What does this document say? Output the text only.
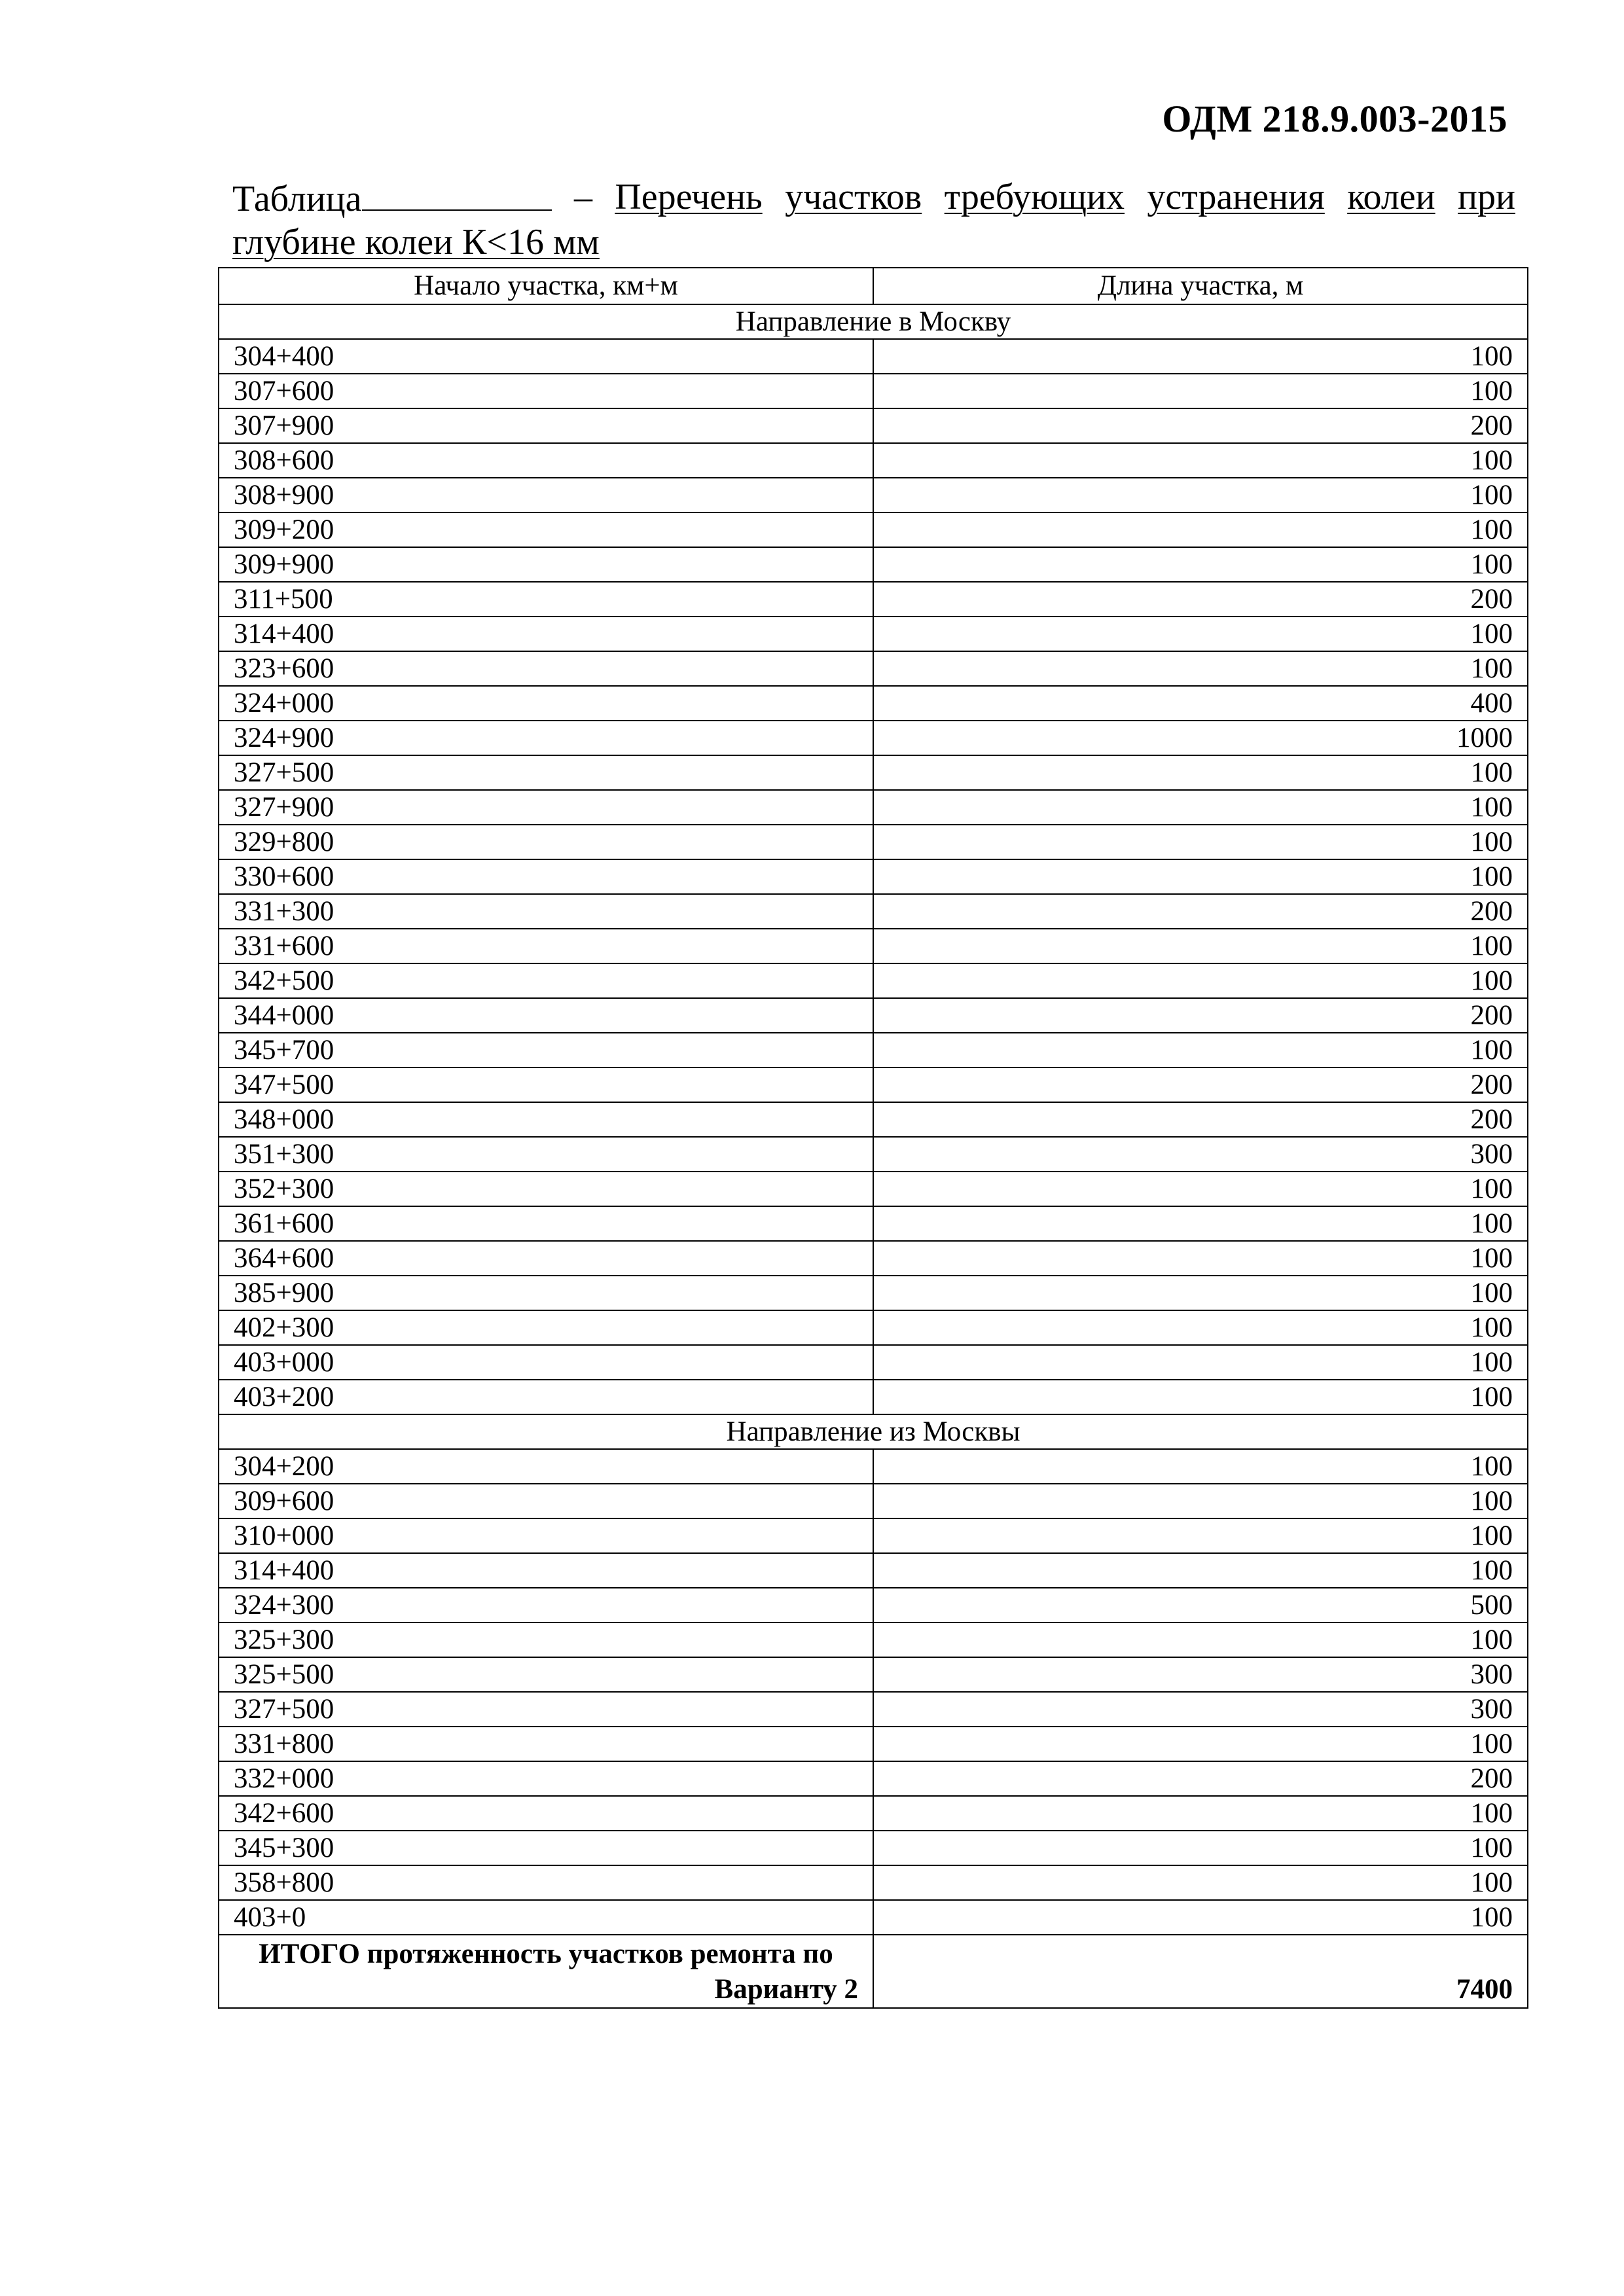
ОДМ 218.9.003-2015
Таблица	– Перечень участков требующих устранения колеи при
глубине колеи К<16 мм
Начало участка, км+м	Длина участка, м
Направление в Москву	
304+400	100
307+600	100
307+900	200
308+600	100
308+900	100
309+200	100
309+900	100
311+500	200
314+400	100
323+600	100
324+000	400
324+900	1000
327+500	100
327+900	100
329+800	100
330+600	100
331+300	200
331+600	100
342+500	100
344+000	200
345+700	100
347+500	200
348+000	200
351+300	300
352+300	100
361+600	100
364+600	100
385+900	100
402+300	100
403+000	100
403+200	100
Направление из Москвы	
304+200	100
309+600	100
310+000	100
314+400	100
324+300	500
325+300	100
325+500	300
327+500	300
331+800	100
332+000	200
342+600	100
345+300	100
358+800	100
403+0	100

ИТОГО протяженность участков ремонта по
Варианту 2	7400
